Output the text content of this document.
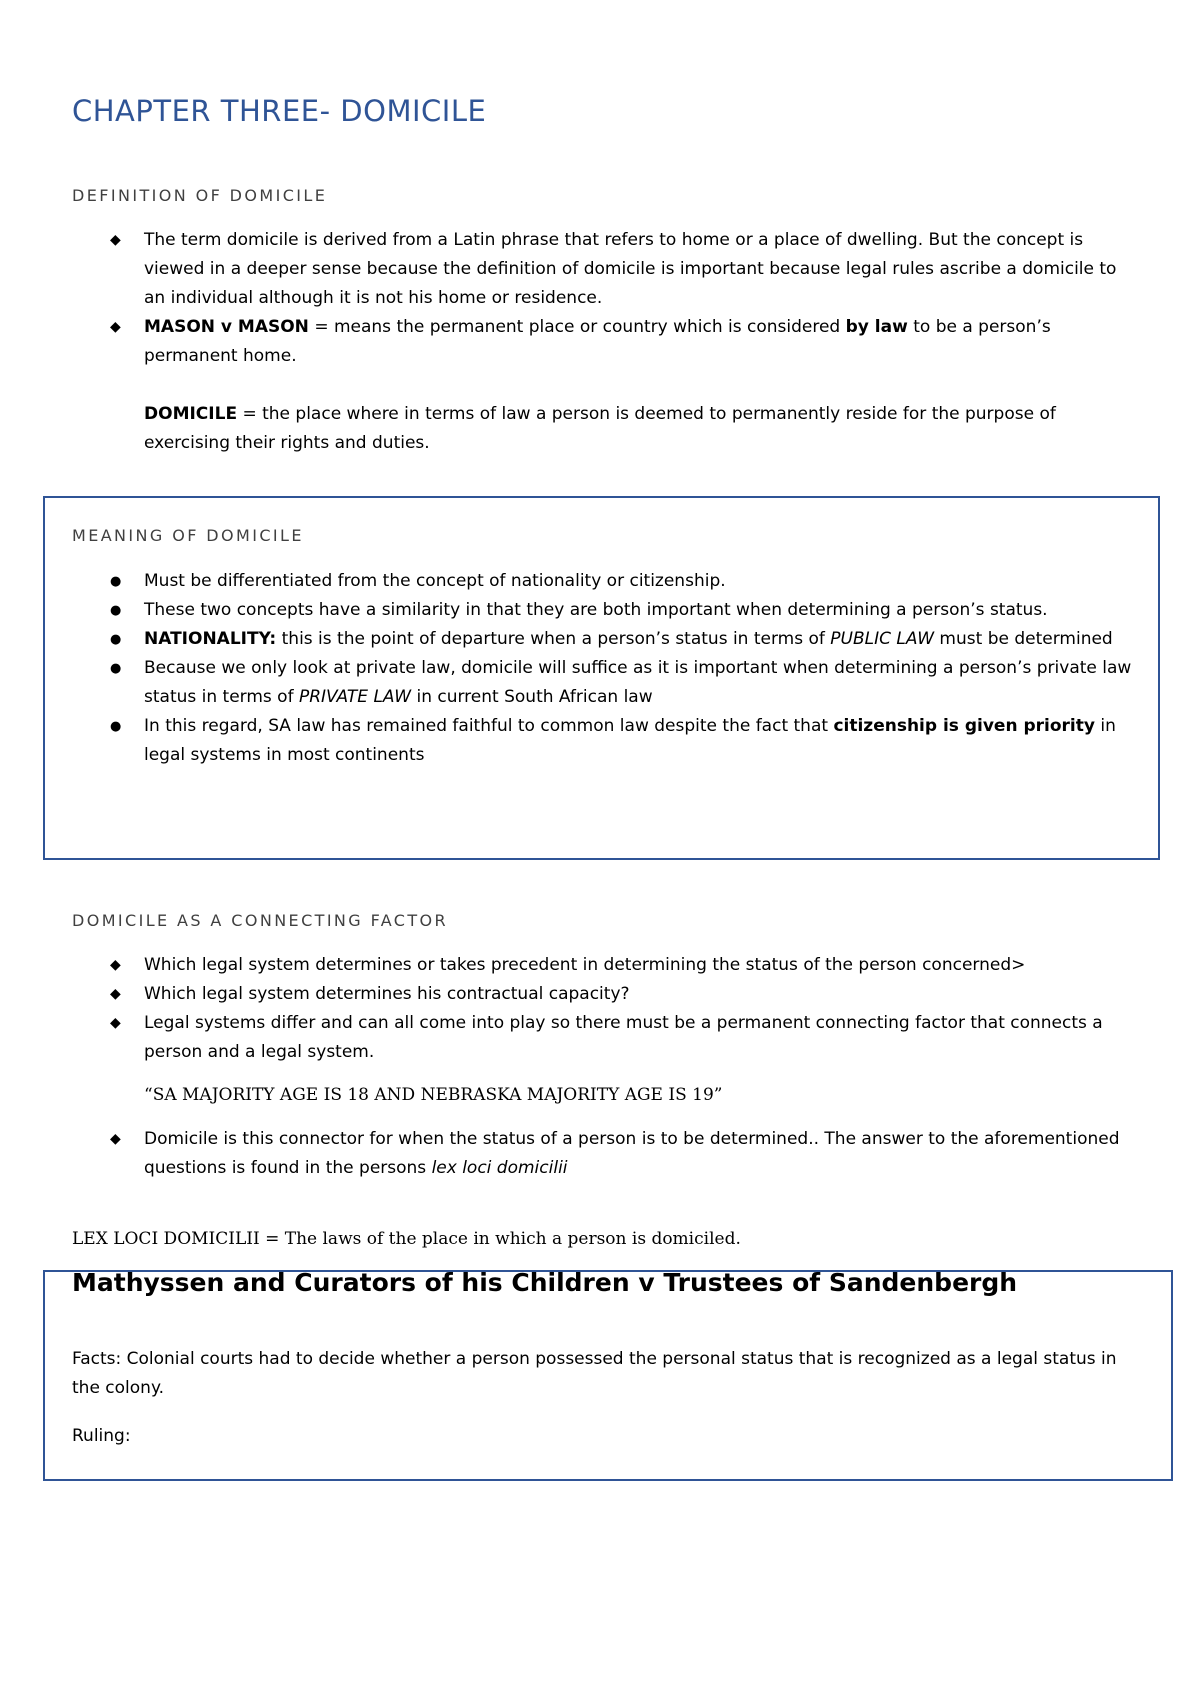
CHAPTER THREE- DOMICILE
DEFINITION OF DOMICILE
◆ The term domicile is derived from a Latin phrase that refers to home or a place of dwelling. But the concept is viewed in a deeper sense because the definition of domicile is important because legal rules ascribe a domicile to an individual although it is not his home or residence.
◆ MASON v MASON = means the permanent place or country which is considered by law to be a person’s permanent home.
DOMICILE = the place where in terms of law a person is deemed to permanently reside for the purpose of exercising their rights and duties.
MEANING OF DOMICILE
● Must be differentiated from the concept of nationality or citizenship.
● These two concepts have a similarity in that they are both important when determining a person’s status.
● NATIONALITY: this is the point of departure when a person’s status in terms of PUBLIC LAW must be determined
● Because we only look at private law, domicile will suffice as it is important when determining a person’s private law status in terms of PRIVATE LAW in current South African law
● In this regard, SA law has remained faithful to common law despite the fact that citizenship is given priority in legal systems in most continents
DOMICILE AS A CONNECTING FACTOR
◆ Which legal system determines or takes precedent in determining the status of the person concerned>
◆ Which legal system determines his contractual capacity?
◆ Legal systems differ and can all come into play so there must be a permanent connecting factor that connects a person and a legal system.
“SA MAJORITY AGE IS 18 AND NEBRASKA MAJORITY AGE IS 19”
◆ Domicile is this connector for when the status of a person is to be determined.. The answer to the aforementioned questions is found in the persons lex loci domicilii
LEX LOCI DOMICILII = The laws of the place in which a person is domiciled.
Mathyssen and Curators of his Children v Trustees of Sandenbergh
Facts: Colonial courts had to decide whether a person possessed the personal status that is recognized as a legal status in the colony.
Ruling:
